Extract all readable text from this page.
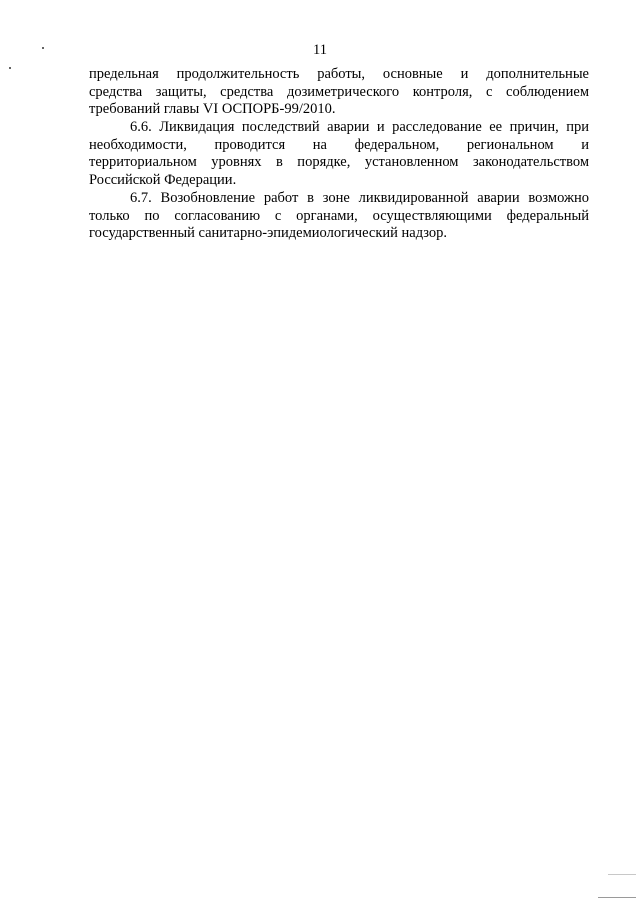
11
предельная продолжительность работы, основные и дополнительные
средства защиты, средства дозиметрического контроля, с соблюдением
требований главы VI ОСПОРБ-99/2010.
6.6. Ликвидация последствий аварии и расследование ее причин, при
необходимости, проводится на федеральном, региональном и
территориальном уровнях в порядке, установленном законодательством
Российской Федерации.
6.7. Возобновление работ в зоне ликвидированной аварии возможно
только по согласованию с органами, осуществляющими федеральный
государственный санитарно-эпидемиологический надзор.
